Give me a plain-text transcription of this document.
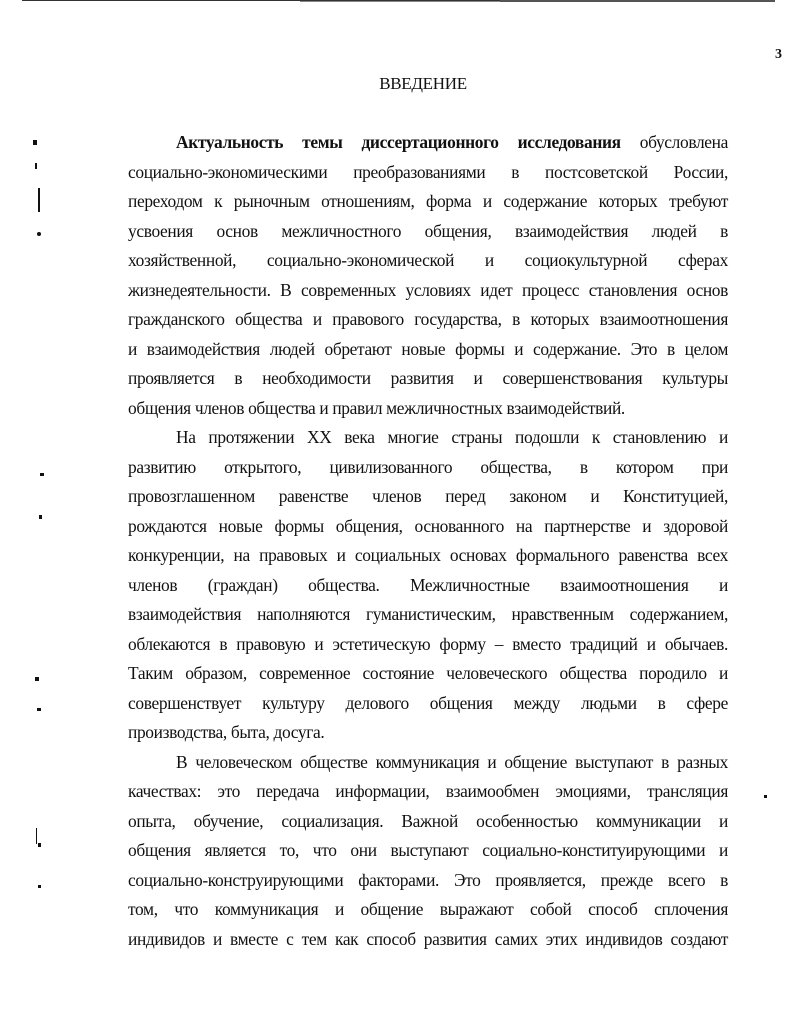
3
ВВЕДЕНИЕ
Актуальность темы диссертационного исследования обусловлена
социально-экономическими преобразованиями в постсоветской России,
переходом к рыночным отношениям, форма и содержание которых требуют
усвоения основ межличностного общения, взаимодействия людей в
хозяйственной, социально-экономической и социокультурной сферах
жизнедеятельности. В современных условиях идет процесс становления основ
гражданского общества и правового государства, в которых взаимоотношения
и взаимодействия людей обретают новые формы и содержание. Это в целом
проявляется в необходимости развития и совершенствования культуры
общения членов общества и правил межличностных взаимодействий.
На протяжении XX века многие страны подошли к становлению и
развитию открытого, цивилизованного общества, в котором при
провозглашенном равенстве членов перед законом и Конституцией,
рождаются новые формы общения, основанного на партнерстве и здоровой
конкуренции, на правовых и социальных основах формального равенства всех
членов (граждан) общества. Межличностные взаимоотношения и
взаимодействия наполняются гуманистическим, нравственным содержанием,
облекаются в правовую и эстетическую форму – вместо традиций и обычаев.
Таким образом, современное состояние человеческого общества породило и
совершенствует культуру делового общения между людьми в сфере
производства, быта, досуга.
В человеческом обществе коммуникация и общение выступают в разных
качествах: это передача информации, взаимообмен эмоциями, трансляция
опыта, обучение, социализация. Важной особенностью коммуникации и
общения является то, что они выступают социально-конституирующими и
социально-конструирующими факторами. Это проявляется, прежде всего в
том, что коммуникация и общение выражают собой способ сплочения
индивидов и вместе с тем как способ развития самих этих индивидов создают
